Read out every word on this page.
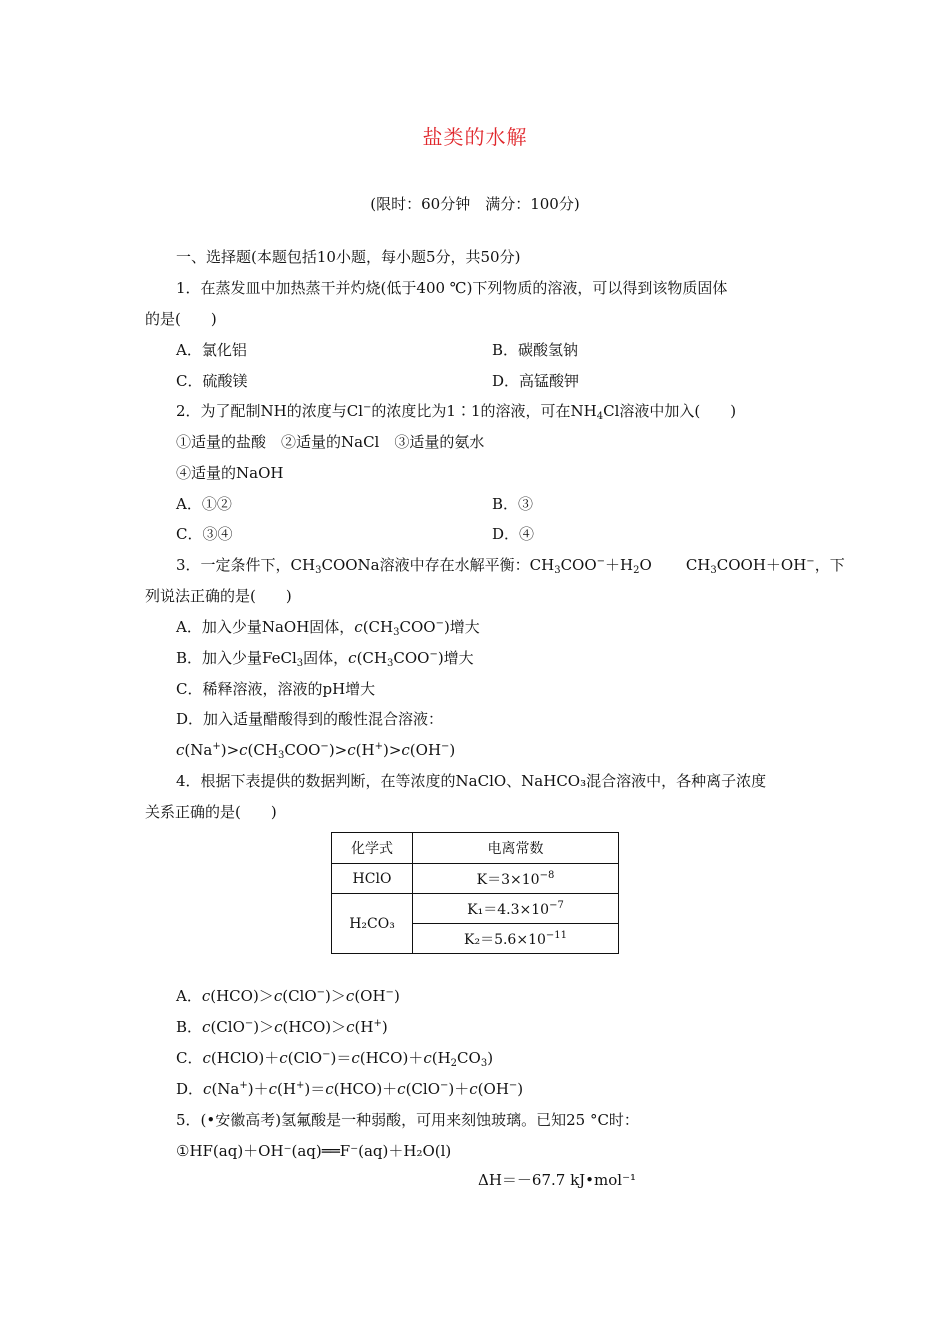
盐类的水解
(限时：60分钟　满分：100分)
一、选择题(本题包括10小题，每小题5分，共50分)
1．在蒸发皿中加热蒸干并灼烧(低于400 ℃)下列物质的溶液，可以得到该物质固体
的是(　　)
A．氯化铝	B．碳酸氢钠
C．硫酸镁	D．高锰酸钾
2．为了配制NH的浓度与Cl−的浓度比为1∶1的溶液，可在$NH_4Cl$溶液中加入(　　)
①适量的盐酸　②适量的NaCl　③适量的氨水
④适量的NaOH
A．①②	B．③
C．③④	D．④
3．一定条件下，$CH_3COONa$溶液中存在水解平衡：$CH_3COO^-+H_2O$ $CH_3COOH+OH^-$，下
列说法正确的是(　　)
A．加入少量NaOH固体，$c(CH_3COO^-)$增大
B．加入少量FeCl$_3$固体，$c(CH_3COO^-)$增大
C．稀释溶液，溶液的pH增大
D．加入适量醋酸得到的酸性混合溶液：
$c(Na^+)>c(CH_3COO^-)>c(H^+)>c(OH^-)$
4．根据下表提供的数据判断，在等浓度的NaClO、NaHCO₃混合溶液中，各种离子浓度
关系正确的是(　　)
化学式	电离常数
HClO	$K=3\times 10^{-8}$
H₂CO₃	$K_1=4.3\times 10^{-7}$
	$K_2=5.6\times 10^{-11}$
A．c(HCO)＞c(ClO−)＞c(OH−)
B．c(ClO−)＞c(HCO)＞c(H+)
C．$c(HClO)+c(ClO^-)=c(HCO)+c(H_2CO_3)$
D．c(Na+)＋c(H+)＝c(HCO)＋c(ClO−)＋c(OH−)
5．(•安徽高考)氢氟酸是一种弱酸，可用来刻蚀玻璃。已知25 °C时：
①HF(aq)＋OH⁻(aq)══F⁻(aq)＋H₂O(l)
ΔH＝－67.7 kJ•mol⁻¹
